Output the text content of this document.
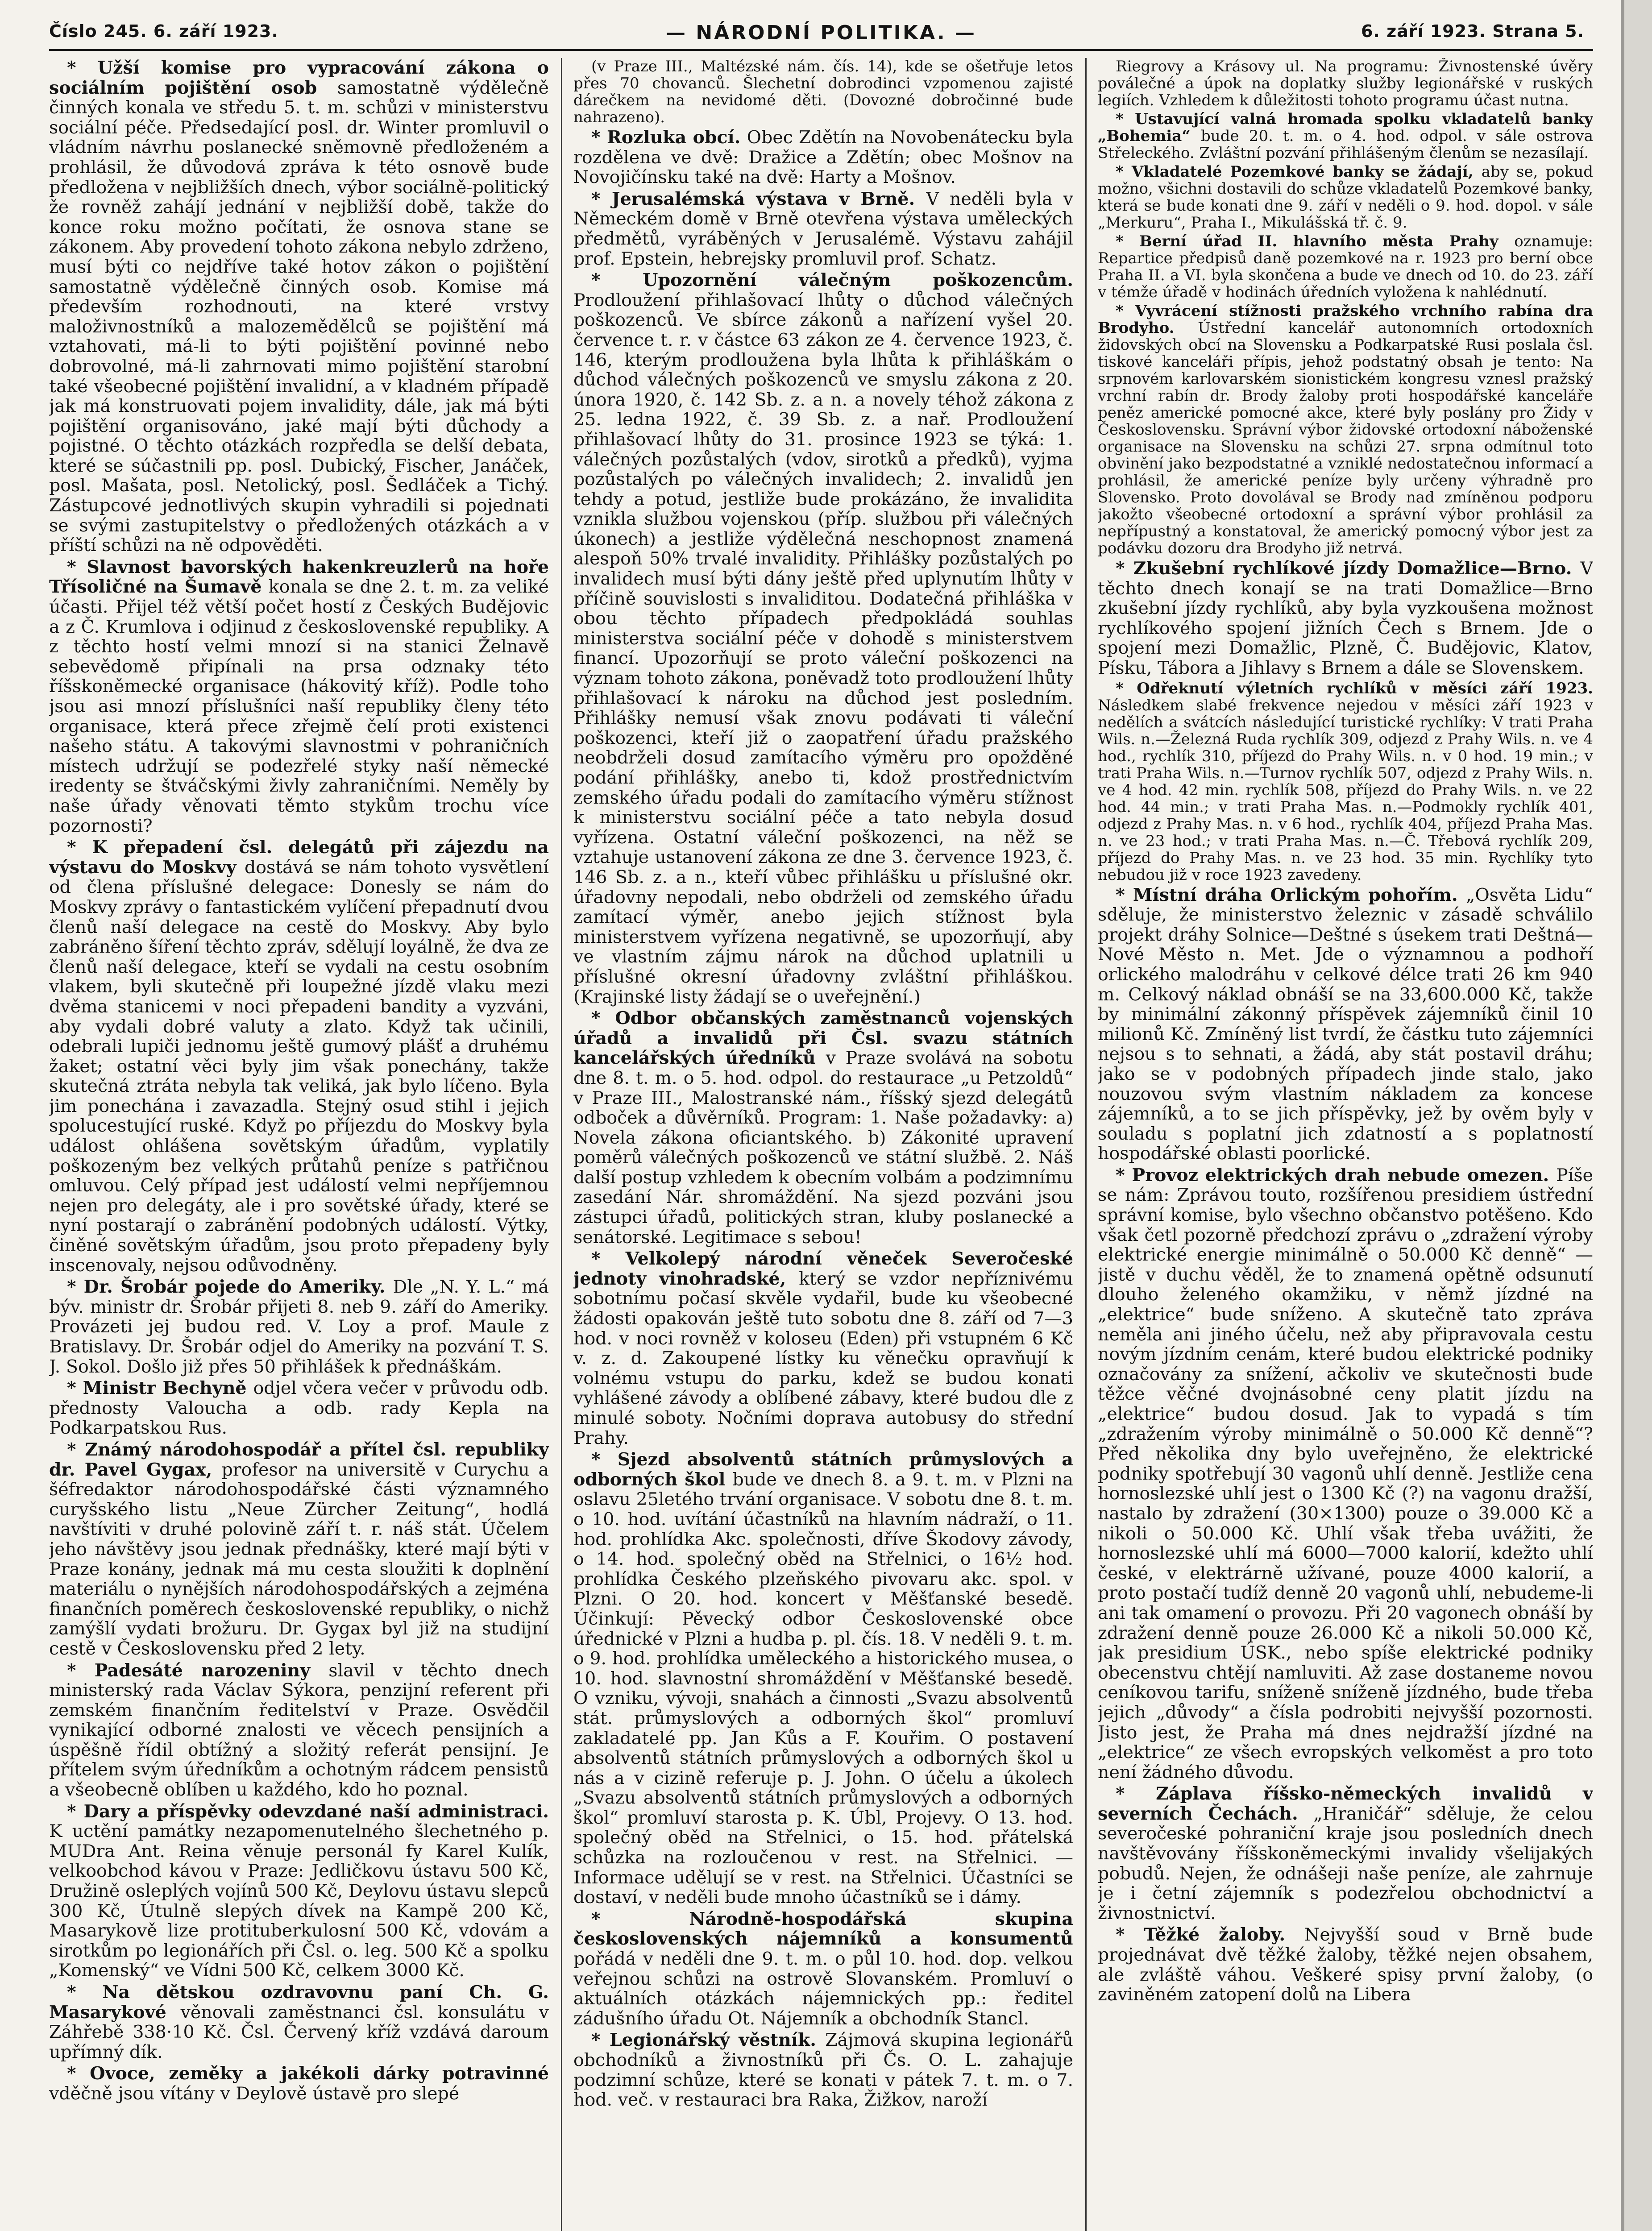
Číslo 245. 6. září 1923.	— NÁRODNÍ POLITIKA. —	6. září 1923. Strana 5.

* Užší komise pro vypracování zákona o sociálním pojištění osob samostatně výdělečně činných konala ve středu 5. t. m. schůzi v ministerstvu sociální péče. Předsedající posl. dr. Winter promluvil o vládním návrhu poslanecké sněmovně předloženém a prohlásil, že důvodová zpráva k této osnově bude předložena v nejbližších dnech, výbor sociálně-politický že rovněž zahájí jednání v nejbližší době, takže do konce roku možno počítati, že osnova stane se zákonem. Aby provedení tohoto zákona nebylo zdrženo, musí býti co nejdříve také hotov zákon o pojištění samostatně výdělečně činných osob. Komise má především rozhodnouti, na které vrstvy maloživnostníků a malozemědělců se pojištění má vztahovati, má-li to býti pojištění povinné nebo dobrovolné, má-li zahrnovati mimo pojištění starobní také všeobecné pojištění invalidní, a v kladném případě jak má konstruovati pojem invalidity, dále, jak má býti pojištění organisováno, jaké mají býti důchody a pojistné. O těchto otázkách rozpředla se delší debata, které se súčastnili pp. posl. Dubický, Fischer, Janáček, posl. Mašata, posl. Netolický, posl. Šedláček a Tichý. Zástupcové jednotlivých skupin vyhradili si pojednati se svými zastupitelstvy o předložených otázkách a v příští schůzi na ně odpověděti.

* Slavnost bavorských hakenkreuzlerů na hoře Třísoličné na Šumavě konala se dne 2. t. m. za veliké účasti. Přijel též větší počet hostí z Českých Budějovic a z Č. Krumlova i odjinud z československé republiky. A z těchto hostí velmi mnozí si na stanici Želnavě sebevědomě připínali na prsa odznaky této říšskoněmecké organisace (hákovitý kříž). Podle toho jsou asi mnozí příslušníci naší republiky členy této organisace, která přece zřejmě čelí proti existenci našeho státu. A takovými slavnostmi v pohraničních místech udržují se podezřelé styky naší německé iredenty se štváčskými živly zahraničními. Neměly by naše úřady věnovati těmto stykům trochu více pozornosti?

* K přepadení čsl. delegátů při zájezdu na výstavu do Moskvy dostává se nám tohoto vysvětlení od člena příslušné delegace: Donesly se nám do Moskvy zprávy o fantastickém vylíčení přepadnutí dvou členů naší delegace na cestě do Moskvy. Aby bylo zabráněno šíření těchto zpráv, sdělují loyálně, že dva ze členů naší delegace, kteří se vydali na cestu osobním vlakem, byli skutečně při loupežné jízdě vlaku mezi dvěma stanicemi v noci přepadeni bandity a vyzváni, aby vydali dobré valuty a zlato. Když tak učinili, odebrali lupiči jednomu ještě gumový plášť a druhému žaket; ostatní věci byly jim však ponechány, takže skutečná ztráta nebyla tak veliká, jak bylo líčeno. Byla jim ponechána i zavazadla. Stejný osud stihl i jejich spolucestující ruské. Když po příjezdu do Moskvy byla událost ohlášena sovětským úřadům, vyplatily poškozeným bez velkých průtahů peníze s patřičnou omluvou. Celý případ jest událostí velmi nepříjemnou nejen pro delegáty, ale i pro sovětské úřady, které se nyní postarají o zabránění podobných událostí. Výtky, činěné sovětským úřadům, jsou proto přepadeny byly inscenovaly, nejsou odůvodněny.

* Dr. Šrobár pojede do Ameriky. Dle „N. Y. L.“ má býv. ministr dr. Šrobár přijeti 8. neb 9. září do Ameriky. Provázeti jej budou red. V. Loy a prof. Maule z Bratislavy. Dr. Šrobár odjel do Ameriky na pozvání T. S. J. Sokol. Došlo již přes 50 přihlášek k přednáškám.

* Ministr Bechyně odjel včera večer v průvodu odb. přednosty Valoucha a odb. rady Kepla na Podkarpatskou Rus.

* Známý národohospodář a přítel čsl. republiky dr. Pavel Gygax, profesor na universitě v Curychu a šéfredaktor národohospodářské části významného curyšského listu „Neue Zürcher Zeitung“, hodlá navštíviti v druhé polovině září t. r. náš stát. Účelem jeho návštěvy jsou jednak přednášky, které mají býti v Praze konány, jednak má mu cesta sloužiti k doplnění materiálu o nynějších národohospodářských a zejména finančních poměrech československé republiky, o nichž zamýšlí vydati brožuru. Dr. Gygax byl již na studijní cestě v Československu před 2 lety.

* Padesáté narozeniny slavil v těchto dnech ministerský rada Václav Sýkora, penzijní referent při zemském finančním ředitelství v Praze. Osvědčil vynikající odborné znalosti ve věcech pensijních a úspěšně řídil obtížný a složitý referát pensijní. Je přítelem svým úředníkům a ochotným rádcem pensistů a všeobecně oblíben u každého, kdo ho poznal.

* Dary a příspěvky odevzdané naší administraci. K uctění památky nezapomenutelného šlechetného p. MUDra Ant. Reina věnuje personál fy Karel Kulík, velkoobchod kávou v Praze: Jedličkovu ústavu 500 Kč, Družině osleplých vojínů 500 Kč, Deylovu ústavu slepců 300 Kč, Útulně slepých dívek na Kampě 200 Kč, Masarykově lize protituberkulosní 500 Kč, vdovám a sirotkům po legionářích při Čsl. o. leg. 500 Kč a spolku „Komenský“ ve Vídni 500 Kč, celkem 3000 Kč.

* Na dětskou ozdravovnu paní Ch. G. Masarykové věnovali zaměstnanci čsl. konsulátu v Záhřebě 338·10 Kč. Čsl. Červený kříž vzdává daroum upřímný dík.

* Ovoce, zeměky a jakékoli dárky potravinné vděčně jsou vítány v Deylově ústavě pro slepé

(v Praze III., Maltézské nám. čís. 14), kde se ošetřuje letos přes 70 chovanců. Šlechetní dobrodinci vzpomenou zajisté dárečkem na nevidomé děti. (Dovozné dobročinné bude nahrazeno).

* Rozluka obcí. Obec Zdětín na Novobenátecku byla rozdělena ve dvě: Dražice a Zdětín; obec Mošnov na Novojičínsku také na dvě: Harty a Mošnov.

* Jerusalémská výstava v Brně. V neděli byla v Německém domě v Brně otevřena výstava uměleckých předmětů, vyráběných v Jerusalémě. Výstavu zahájil prof. Epstein, hebrejsky promluvil prof. Schatz.

* Upozornění válečným poškozencům. Prodloužení přihlašovací lhůty o důchod válečných poškozenců. Ve sbírce zákonů a nařízení vyšel 20. července t. r. v částce 63 zákon ze 4. července 1923, č. 146, kterým prodloužena byla lhůta k přihláškám o důchod válečných poškozenců ve smyslu zákona z 20. února 1920, č. 142 Sb. z. a n. a novely téhož zákona z 25. ledna 1922, č. 39 Sb. z. a nař. Prodloužení přihlašovací lhůty do 31. prosince 1923 se týká: 1. válečných pozůstalých (vdov, sirotků a předků), vyjma pozůstalých po válečných invalidech; 2. invalidů jen tehdy a potud, jestliže bude prokázáno, že invalidita vznikla službou vojenskou (příp. službou při válečných úkonech) a jestliže výdělečná neschopnost znamená alespoň 50% trvalé invalidity. Přihlášky pozůstalých po invalidech musí býti dány ještě před uplynutím lhůty v příčině souvislosti s invaliditou. Dodatečná přihláška v obou těchto případech předpokládá souhlas ministerstva sociální péče v dohodě s ministerstvem financí. Upozorňují se proto váleční poškozenci na význam tohoto zákona, poněvadž toto prodloužení lhůty přihlašovací k nároku na důchod jest posledním. Přihlášky nemusí však znovu podávati ti váleční poškozenci, kteří již o zaopatření úřadu pražského neobdrželi dosud zamítacího výměru pro opožděné podání přihlášky, anebo ti, kdož prostřednictvím zemského úřadu podali do zamítacího výměru stížnost k ministerstvu sociální péče a tato nebyla dosud vyřízena. Ostatní váleční poškozenci, na něž se vztahuje ustanovení zákona ze dne 3. července 1923, č. 146 Sb. z. a n., kteří vůbec přihlášku u příslušné okr. úřadovny nepodali, nebo obdrželi od zemského úřadu zamítací výměr, anebo jejich stížnost byla ministerstvem vyřízena negativně, se upozorňují, aby ve vlastním zájmu nárok na důchod uplatnili u příslušné okresní úřadovny zvláštní přihláškou. (Krajinské listy žádají se o uveřejnění.)

* Odbor občanských zaměstnanců vojenských úřadů a invalidů při Čsl. svazu státních kancelářských úředníků v Praze svolává na sobotu dne 8. t. m. o 5. hod. odpol. do restaurace „u Petzoldů“ v Praze III., Malostranské nám., říšský sjezd delegátů odboček a důvěrníků. Program: 1. Naše požadavky: a) Novela zákona oficiantského. b) Zákonité upravení poměrů válečných poškozenců ve státní službě. 2. Náš další postup vzhledem k obecním volbám a podzimnímu zasedání Nár. shromáždění. Na sjezd pozváni jsou zástupci úřadů, politických stran, kluby poslanecké a senátorské. Legitimace s sebou!

* Velkolepý národní věneček Severočeské jednoty vinohradské, který se vzdor nepříznivému sobotnímu počasí skvěle vydařil, bude ku všeobecné žádosti opakován ještě tuto sobotu dne 8. září od 7—3 hod. v noci rovněž v koloseu (Eden) při vstupném 6 Kč v. z. d. Zakoupené lístky ku věnečku opravňují k volnému vstupu do parku, kdež se budou konati vyhlášené závody a oblíbené zábavy, které budou dle z minulé soboty. Nočními doprava autobusy do střední Prahy.

* Sjezd absolventů státních průmyslových a odborných škol bude ve dnech 8. a 9. t. m. v Plzni na oslavu 25letého trvání organisace. V sobotu dne 8. t. m. o 10. hod. uvítání účastníků na hlavním nádraží, o 11. hod. prohlídka Akc. společnosti, dříve Škodovy závody, o 14. hod. společný oběd na Střelnici, o 16½ hod. prohlídka Českého plzeňského pivovaru akc. spol. v Plzni. O 20. hod. koncert v Měšťanské besedě. Účinkují: Pěvecký odbor Československé obce úřednické v Plzni a hudba p. pl. čís. 18. V neděli 9. t. m. o 9. hod. prohlídka uměleckého a historického musea, o 10. hod. slavnostní shromáždění v Měšťanské besedě. O vzniku, vývoji, snahách a činnosti „Svazu absolventů stát. průmyslových a odborných škol“ promluví zakladatelé pp. Jan Kůs a F. Kouřim. O postavení absolventů státních průmyslových a odborných škol u nás a v cizině referuje p. J. John. O účelu a úkolech „Svazu absolventů státních průmyslových a odborných škol“ promluví starosta p. K. Úbl, Projevy. O 13. hod. společný oběd na Střelnici, o 15. hod. přátelská schůzka na rozloučenou v rest. na Střelnici. — Informace udělují se v rest. na Střelnici. Účastníci se dostaví, v neděli bude mnoho účastníků se i dámy.

* Národně-hospodářská skupina československých nájemníků a konsumentů pořádá v neděli dne 9. t. m. o půl 10. hod. dop. velkou veřejnou schůzi na ostrově Slovanském. Promluví o aktuálních otázkách nájemnických pp.: ředitel zádušního úřadu Ot. Nájemník a obchodník Stancl.

* Legionářský věstník. Zájmová skupina legionářů obchodníků a živnostníků při Čs. O. L. zahajuje podzimní schůze, které se konati v pátek 7. t. m. o 7. hod. več. v restauraci bra Raka, Žižkov, naroží

Riegrovy a Krásovy ul. Na programu: Živnostenské úvěry poválečné a úpok na doplatky služby legionářské v ruských legiích. Vzhledem k důležitosti tohoto programu účast nutna.

* Ustavující valná hromada spolku vkladatelů banky „Bohemia“ bude 20. t. m. o 4. hod. odpol. v sále ostrova Střeleckého. Zvláštní pozvání přihlášeným členům se nezasílají.

* Vkladatelé Pozemkové banky se žádají, aby se, pokud možno, všichni dostavili do schůze vkladatelů Pozemkové banky, která se bude konati dne 9. září v neděli o 9. hod. dopol. v sále „Merkuru“, Praha I., Mikulášská tř. č. 9.

* Berní úřad II. hlavního města Prahy oznamuje: Repartice předpisů daně pozemkové na r. 1923 pro berní obce Praha II. a VI. byla skončena a bude ve dnech od 10. do 23. září v témže úřadě v hodinách úředních vyložena k nahlédnutí.

* Vyvrácení stížnosti pražského vrchního rabína dra Brodyho. Ústřední kancelář autonomních ortodoxních židovských obcí na Slovensku a Podkarpatské Rusi poslala čsl. tiskové kanceláři přípis, jehož podstatný obsah je tento: Na srpnovém karlovarském sionistickém kongresu vznesl pražský vrchní rabín dr. Brody žaloby proti hospodářské kanceláře peněz americké pomocné akce, které byly poslány pro Židy v Československu. Správní výbor židovské ortodoxní náboženské organisace na Slovensku na schůzi 27. srpna odmítnul toto obvinění jako bezpodstatné a vzniklé nedostatečnou informací a prohlásil, že americké peníze byly určeny výhradně pro Slovensko. Proto dovolával se Brody nad zmíněnou podporu jakožto všeobecné ortodoxní a správní výbor prohlásil za nepřípustný a konstatoval, že americký pomocný výbor jest za podávku dozoru dra Brodyho již netrvá.

* Zkušební rychlíkové jízdy Domažlice—Brno. V těchto dnech konají se na trati Domažlice—Brno zkušební jízdy rychlíků, aby byla vyzkoušena možnost rychlíkového spojení jižních Čech s Brnem. Jde o spojení mezi Domažlic, Plzně, Č. Budějovic, Klatov, Písku, Tábora a Jihlavy s Brnem a dále se Slovenskem.

* Odřeknutí výletních rychlíků v měsíci září 1923. Následkem slabé frekvence nejedou v měsíci září 1923 v nedělích a svátcích následující turistické rychlíky: V trati Praha Wils. n.—Železná Ruda rychlík 309, odjezd z Prahy Wils. n. ve 4 hod., rychlík 310, příjezd do Prahy Wils. n. v 0 hod. 19 min.; v trati Praha Wils. n.—Turnov rychlík 507, odjezd z Prahy Wils. n. ve 4 hod. 42 min. rychlík 508, příjezd do Prahy Wils. n. ve 22 hod. 44 min.; v trati Praha Mas. n.—Podmokly rychlík 401, odjezd z Prahy Mas. n. v 6 hod., rychlík 404, příjezd Praha Mas. n. ve 23 hod.; v trati Praha Mas. n.—Č. Třebová rychlík 209, příjezd do Prahy Mas. n. ve 23 hod. 35 min. Rychlíky tyto nebudou již v roce 1923 zavedeny.

* Místní dráha Orlickým pohořím. „Osvěta Lidu“ sděluje, že ministerstvo železnic v zásadě schválilo projekt dráhy Solnice—Deštné s úsekem trati Deštná—Nové Město n. Met. Jde o významnou a podhoří orlického malodráhu v celkové délce trati 26 km 940 m. Celkový náklad obnáší se na 33,600.000 Kč, takže by minimální zákonný příspěvek zájemníků činil 10 milionů Kč. Zmíněný list tvrdí, že částku tuto zájemníci nejsou s to sehnati, a žádá, aby stát postavil dráhu; jako se v podobných případech jinde stalo, jako nouzovou svým vlastním nákladem za koncese zájemníků, a to se jich příspěvky, jež by ověm byly v souladu s poplatní jich zdatností a s poplatností hospodářské oblasti poorlické.

* Provoz elektrických drah nebude omezen. Píše se nám: Zprávou touto, rozšířenou presidiem ústřední správní komise, bylo všechno občanstvo potěšeno. Kdo však četl pozorně předchozí zprávu o „zdražení výroby elektrické energie minimálně o 50.000 Kč denně“ — jistě v duchu věděl, že to znamená opětně odsunutí dlouho želeného okamžiku, v němž jízdné na „elektrice“ bude sníženo. A skutečně tato zpráva neměla ani jiného účelu, než aby připravovala cestu novým jízdním cenám, které budou elektrické podniky označovány za snížení, ačkoliv ve skutečnosti bude těžce věčné dvojnásobné ceny platit jízdu na „elektrice“ budou dosud. Jak to vypadá s tím „zdražením výroby minimálně o 50.000 Kč denně“? Před několika dny bylo uveřejněno, že elektrické podniky spotřebují 30 vagonů uhlí denně. Jestliže cena hornoslezské uhlí jest o 1300 Kč (?) na vagonu dražší, nastalo by zdražení (30×1300) pouze o 39.000 Kč a nikoli o 50.000 Kč. Uhlí však třeba uvážiti, že hornoslezské uhlí má 6000—7000 kalorií, kdežto uhlí české, v elektrárně užívané, pouze 4000 kalorií, a proto postačí tudíž denně 20 vagonů uhlí, nebudeme-li ani tak omamení o provozu. Při 20 vagonech obnáší by zdražení denně pouze 26.000 Kč a nikoli 50.000 Kč, jak presidium ÚSK., nebo spíše elektrické podniky obecenstvu chtějí namluviti. Až zase dostaneme novou ceníkovou tarifu, sníženě sníženě jízdného, bude třeba jejich „důvody“ a čísla podrobiti nejvyšší pozornosti. Jisto jest, že Praha má dnes nejdražší jízdné na „elektrice“ ze všech evropských velkoměst a pro toto není žádného důvodu.

* Záplava říšsko-německých invalidů v severních Čechách. „Hraničář“ sděluje, že celou severočeské pohraniční kraje jsou posledních dnech navštěvovány říšskoněmeckými invalidy všelijakých pobudů. Nejen, že odnášeji naše peníze, ale zahrnuje je i četní zájemník s podezřelou obchodnictví a živnostnictví.

* Těžké žaloby. Nejvyšší soud v Brně bude projednávat dvě těžké žaloby, těžké nejen obsahem, ale zvláště váhou. Veškeré spisy první žaloby, (o zaviněném zatopení dolů na Libera
